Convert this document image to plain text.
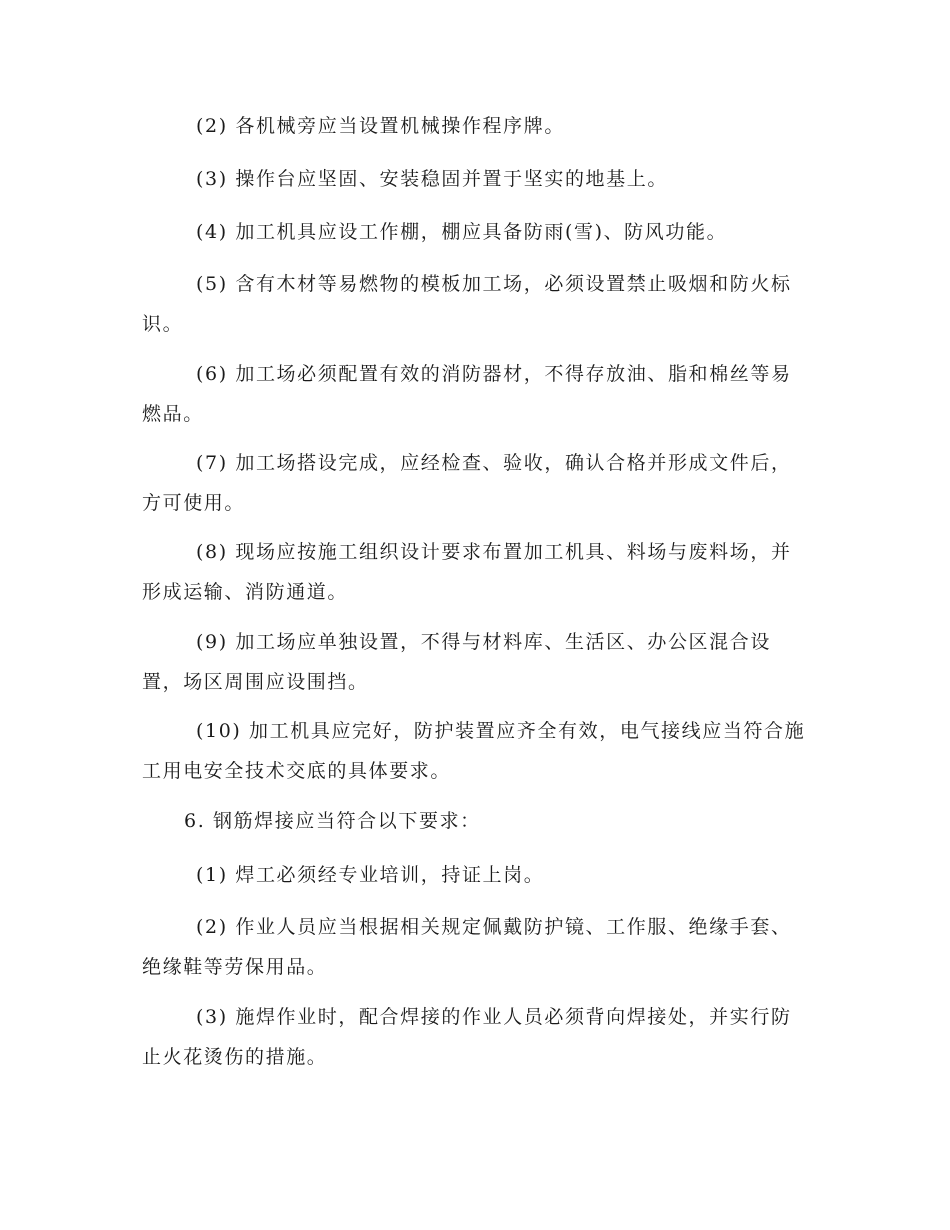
(2) 各机械旁应当设置机械操作程序牌。

(3) 操作台应坚固、安装稳固并置于坚实的地基上。

(4) 加工机具应设工作棚，棚应具备防雨(雪)、防风功能。

(5) 含有木材等易燃物的模板加工场，必须设置禁止吸烟和防火标识。

(6) 加工场必须配置有效的消防器材，不得存放油、脂和棉丝等易燃品。

(7) 加工场搭设完成，应经检查、验收，确认合格并形成文件后，方可使用。

(8) 现场应按施工组织设计要求布置加工机具、料场与废料场，并形成运输、消防通道。

(9) 加工场应单独设置，不得与材料库、生活区、办公区混合设置，场区周围应设围挡。

(10) 加工机具应完好，防护装置应齐全有效，电气接线应当符合施工用电安全技术交底的具体要求。

6. 钢筋焊接应当符合以下要求：

(1) 焊工必须经专业培训，持证上岗。

(2) 作业人员应当根据相关规定佩戴防护镜、工作服、绝缘手套、绝缘鞋等劳保用品。

(3) 施焊作业时，配合焊接的作业人员必须背向焊接处，并实行防止火花烫伤的措施。
